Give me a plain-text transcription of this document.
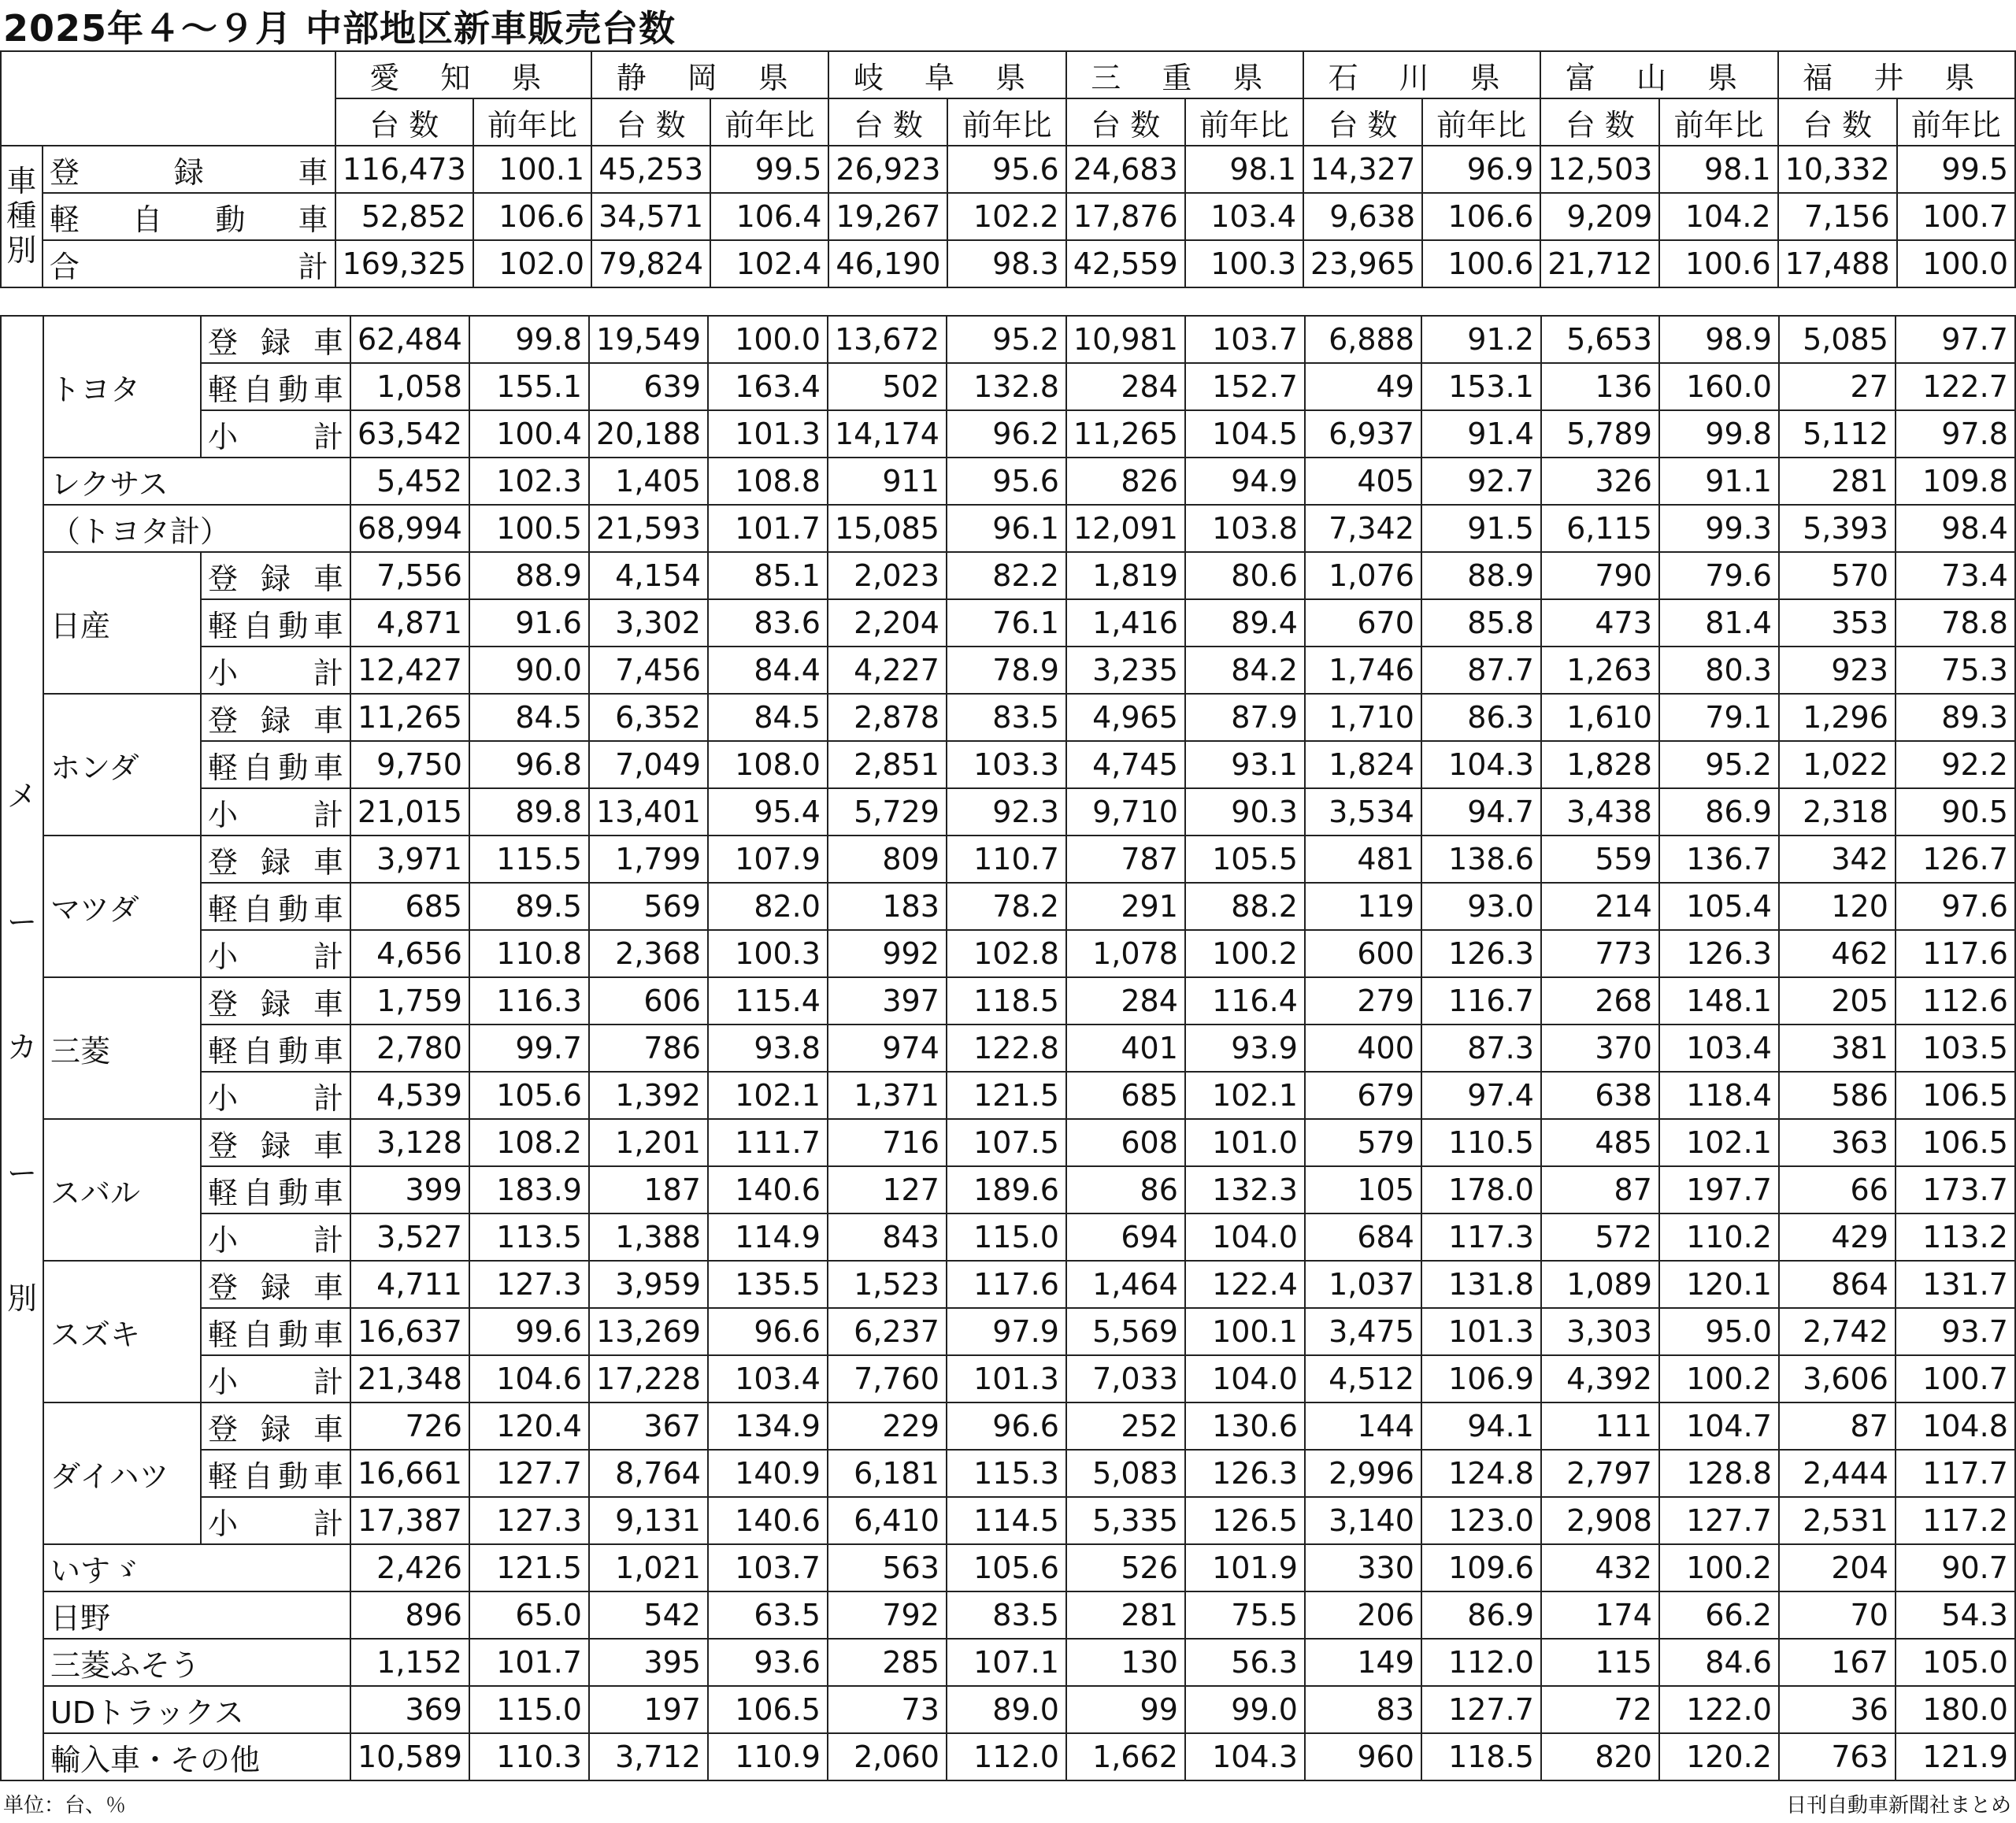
2025年４～９月 中部地区新車販売台数
		愛 知 県		静 岡 県		岐 阜 県		三 重 県		石 川 県		富 山 県		福 井 県	
		台 数	前年比	台 数	前年比	台 数	前年比	台 数	前年比	台 数	前年比	台 数	前年比	台 数	前年比
車種別	登 録 車	116,473	100.1	45,253	99.5	26,923	95.6	24,683	98.1	14,327	96.9	12,503	98.1	10,332	99.5
	軽自動車	52,852	106.6	34,571	106.4	19,267	102.2	17,876	103.4	9,638	106.6	9,209	104.2	7,156	100.7
	合 計	169,325	102.0	79,824	102.4	46,190	98.3	42,559	100.3	23,965	100.6	21,712	100.6	17,488	100.0
メーカー別	トヨタ	登 録 車	62,484	99.8	19,549	100.0	13,672	95.2	10,981	103.7	6,888	91.2	5,653	98.9	5,085	97.7
		軽自動車	1,058	155.1	639	163.4	502	132.8	284	152.7	49	153.1	136	160.0	27	122.7
		小 計	63,542	100.4	20,188	101.3	14,174	96.2	11,265	104.5	6,937	91.4	5,789	99.8	5,112	97.8
	レクサス		5,452	102.3	1,405	108.8	911	95.6	826	94.9	405	92.7	326	91.1	281	109.8
	（トヨタ計）		68,994	100.5	21,593	101.7	15,085	96.1	12,091	103.8	7,342	91.5	6,115	99.3	5,393	98.4
	日産	登 録 車	7,556	88.9	4,154	85.1	2,023	82.2	1,819	80.6	1,076	88.9	790	79.6	570	73.4
		軽自動車	4,871	91.6	3,302	83.6	2,204	76.1	1,416	89.4	670	85.8	473	81.4	353	78.8
		小 計	12,427	90.0	7,456	84.4	4,227	78.9	3,235	84.2	1,746	87.7	1,263	80.3	923	75.3
	ホンダ	登 録 車	11,265	84.5	6,352	84.5	2,878	83.5	4,965	87.9	1,710	86.3	1,610	79.1	1,296	89.3
		軽自動車	9,750	96.8	7,049	108.0	2,851	103.3	4,745	93.1	1,824	104.3	1,828	95.2	1,022	92.2
		小 計	21,015	89.8	13,401	95.4	5,729	92.3	9,710	90.3	3,534	94.7	3,438	86.9	2,318	90.5
	マツダ	登 録 車	3,971	115.5	1,799	107.9	809	110.7	787	105.5	481	138.6	559	136.7	342	126.7
		軽自動車	685	89.5	569	82.0	183	78.2	291	88.2	119	93.0	214	105.4	120	97.6
		小 計	4,656	110.8	2,368	100.3	992	102.8	1,078	100.2	600	126.3	773	126.3	462	117.6
	三菱	登 録 車	1,759	116.3	606	115.4	397	118.5	284	116.4	279	116.7	268	148.1	205	112.6
		軽自動車	2,780	99.7	786	93.8	974	122.8	401	93.9	400	87.3	370	103.4	381	103.5
		小 計	4,539	105.6	1,392	102.1	1,371	121.5	685	102.1	679	97.4	638	118.4	586	106.5
	スバル	登 録 車	3,128	108.2	1,201	111.7	716	107.5	608	101.0	579	110.5	485	102.1	363	106.5
		軽自動車	399	183.9	187	140.6	127	189.6	86	132.3	105	178.0	87	197.7	66	173.7
		小 計	3,527	113.5	1,388	114.9	843	115.0	694	104.0	684	117.3	572	110.2	429	113.2
	スズキ	登 録 車	4,711	127.3	3,959	135.5	1,523	117.6	1,464	122.4	1,037	131.8	1,089	120.1	864	131.7
		軽自動車	16,637	99.6	13,269	96.6	6,237	97.9	5,569	100.1	3,475	101.3	3,303	95.0	2,742	93.7
		小 計	21,348	104.6	17,228	103.4	7,760	101.3	7,033	104.0	4,512	106.9	4,392	100.2	3,606	100.7
	ダイハツ	登 録 車	726	120.4	367	134.9	229	96.6	252	130.6	144	94.1	111	104.7	87	104.8
		軽自動車	16,661	127.7	8,764	140.9	6,181	115.3	5,083	126.3	2,996	124.8	2,797	128.8	2,444	117.7
		小 計	17,387	127.3	9,131	140.6	6,410	114.5	5,335	126.5	3,140	123.0	2,908	127.7	2,531	117.2
	いすゞ		2,426	121.5	1,021	103.7	563	105.6	526	101.9	330	109.6	432	100.2	204	90.7
	日野		896	65.0	542	63.5	792	83.5	281	75.5	206	86.9	174	66.2	70	54.3
	三菱ふそう		1,152	101.7	395	93.6	285	107.1	130	56.3	149	112.0	115	84.6	167	105.0
	UDトラックス		369	115.0	197	106.5	73	89.0	99	99.0	83	127.7	72	122.0	36	180.0
	輸入車・その他		10,589	110.3	3,712	110.9	2,060	112.0	1,662	104.3	960	118.5	820	120.2	763	121.9
単位：台、％	日刊自動車新聞社まとめ
